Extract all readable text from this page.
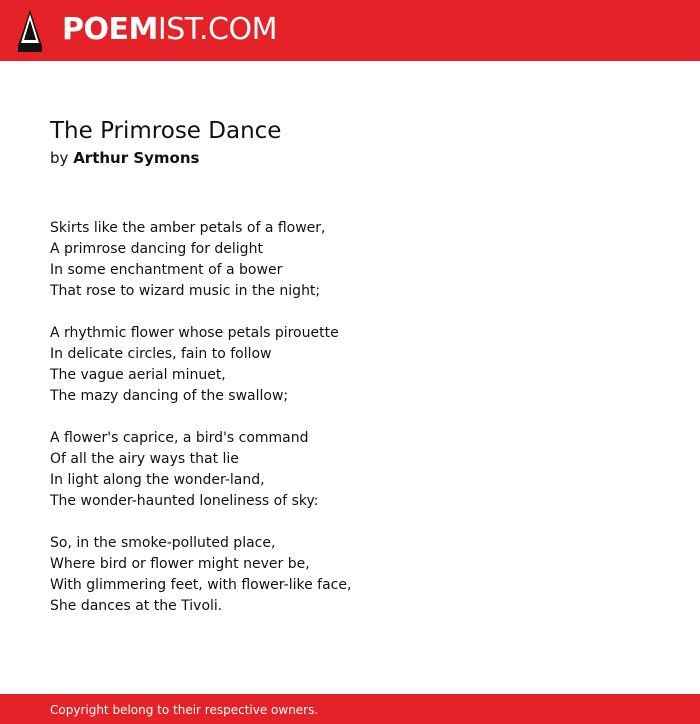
POEMIST.COM
The Primrose Dance

by Arthur Symons

Skirts like the amber petals of a flower,
A primrose dancing for delight
In some enchantment of a bower
That rose to wizard music in the night;
A rhythmic flower whose petals pirouette
In delicate circles, fain to follow
The vague aerial minuet,
The mazy dancing of the swallow;
A flower's caprice, a bird's command
Of all the airy ways that lie
In light along the wonder-land,
The wonder-haunted loneliness of sky:
So, in the smoke-polluted place,
Where bird or flower might never be,
With glimmering feet, with flower-like face,
She dances at the Tivoli.
Copyright belong to their respective owners.
